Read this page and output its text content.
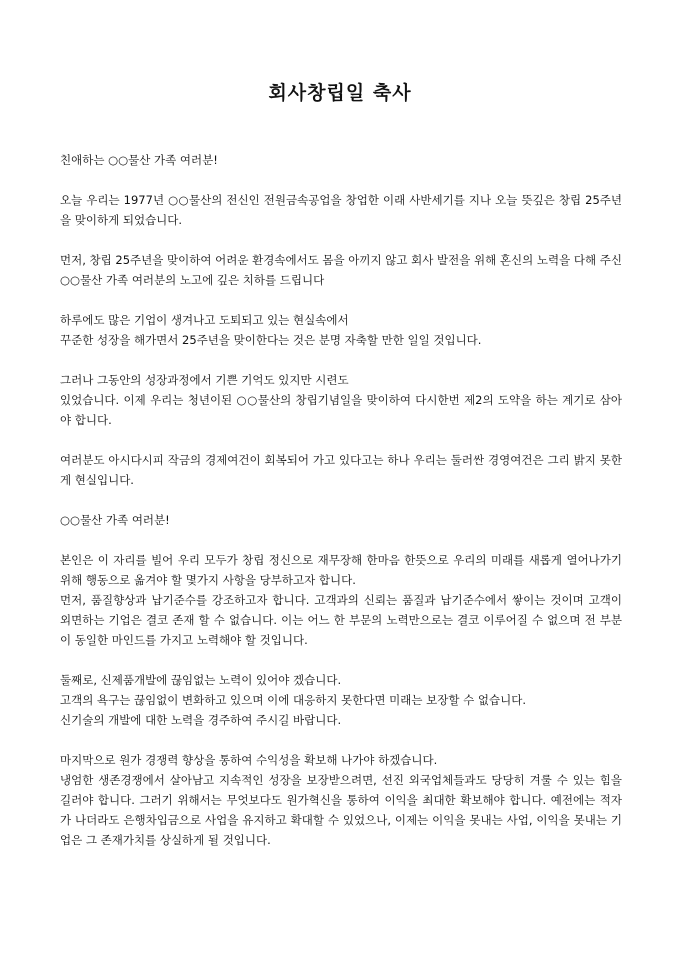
회사창립일 축사

친애하는 ○○물산 가족 여러분!

오늘 우리는 1977년 ○○물산의 전신인 전원금속공업을 창업한 이래 사반세기를 지나 오늘 뜻깊은 창립 25주년을 맞이하게 되었습니다.

먼저, 창립 25주년을 맞이하여 어려운 환경속에서도 몸을 아끼지 않고 회사 발전을 위해 혼신의 노력을 다해 주신 ○○물산 가족 여러분의 노고에 깊은 치하를 드립니다

하루에도 많은 기업이 생겨나고 도퇴되고 있는 현실속에서
꾸준한 성장을 해가면서 25주년을 맞이한다는 것은 분명 자축할 만한 일일 것입니다.

그러나 그동안의 성장과정에서 기쁜 기억도 있지만 시련도
있었습니다. 이제 우리는 청년이된 ○○물산의 창립기념일을 맞이하여 다시한번 제2의 도약을 하는 계기로 삼아야 합니다.

여러분도 아시다시피 작금의 경제여건이 회복되어 가고 있다고는 하나 우리는 둘러싼 경영여건은 그리 밝지 못한 게 현실입니다.

○○물산 가족 여러분!

본인은 이 자리를 빌어 우리 모두가 창립 정신으로 재무장해 한마음 한뜻으로 우리의 미래를 새롭게 열어나가기 위해 행동으로 옮겨야 할 몇가지 사항을 당부하고자 합니다.
먼저, 품질향상과 납기준수를 강조하고자 합니다. 고객과의 신뢰는 품질과 납기준수에서 쌓이는 것이며 고객이 외면하는 기업은 결코 존재 할 수 없습니다. 이는 어느 한 부문의 노력만으로는 결코 이루어질 수 없으며 전 부분이 동일한 마인드를 가지고 노력해야 할 것입니다.

둘째로, 신제품개발에 끊임없는 노력이 있어야 겠습니다.
고객의 욕구는 끊임없이 변화하고 있으며 이에 대응하지 못한다면 미래는 보장할 수 없습니다.
신기술의 개발에 대한 노력을 경주하여 주시길 바랍니다.

마지막으로 원가 경쟁력 향상을 통하여 수익성을 확보해 나가야 하겠습니다.
냉엄한 생존경쟁에서 살아남고 지속적인 성장을 보장받으려면, 선진 외국업체들과도 당당히 겨룰 수 있는 힘을 길러야 합니다. 그러기 위해서는 무엇보다도 원가혁신을 통하여 이익을 최대한 확보해야 합니다. 예전에는 적자가 나더라도 은행차입금으로 사업을 유지하고 확대할 수 있었으나, 이제는 이익을 못내는 사업, 이익을 못내는 기업은 그 존재가치를 상실하게 될 것입니다.
